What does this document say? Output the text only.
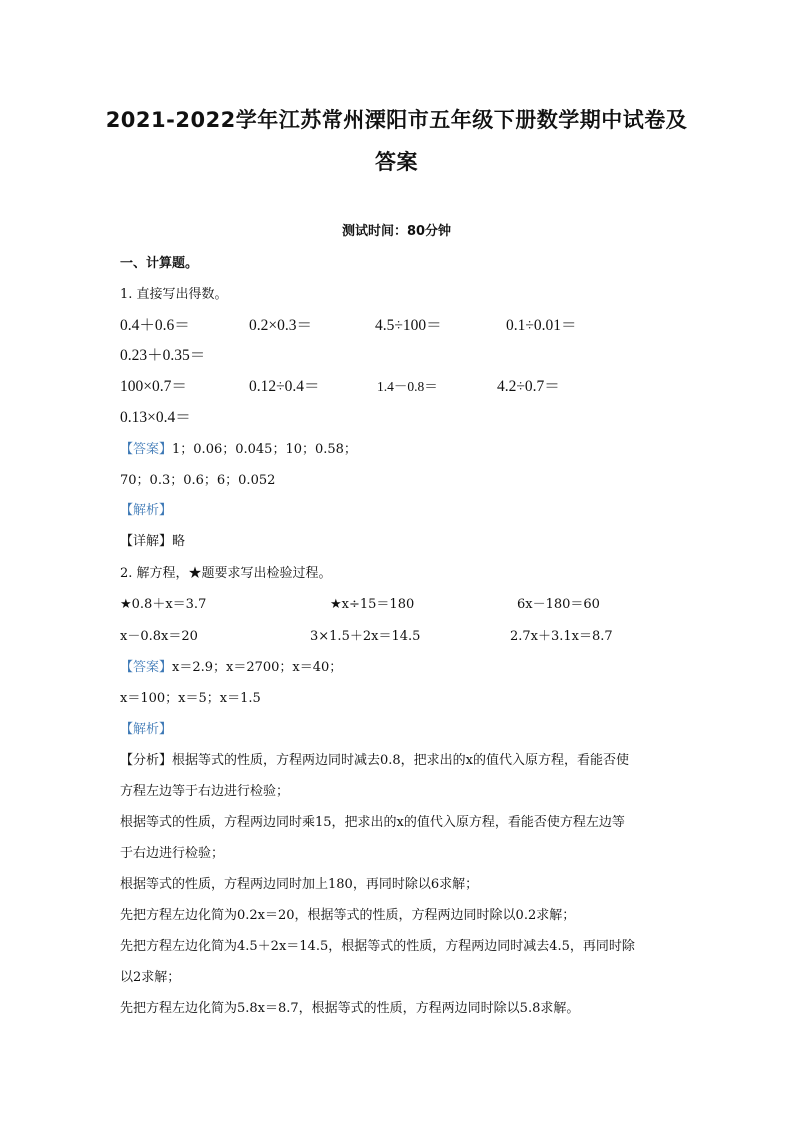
2021-2022学年江苏常州溧阳市五年级下册数学期中试卷及
答案
测试时间：80分钟
一、计算题。
1. 直接写出得数。
0.4＋0.6＝	0.2×0.3＝	4.5÷100＝	0.1÷0.01＝
0.23＋0.35＝
100×0.7＝	0.12÷0.4＝	1.4－0.8＝	4.2÷0.7＝
0.13×0.4＝
【答案】1；0.06；0.045；10；0.58；
70；0.3；0.6；6；0.052
【解析】
【详解】略
2. 解方程，★题要求写出检验过程。
★0.8＋x＝3.7	★x÷15＝180	6x－180＝60
x－0.8x＝20	3×1.5＋2x＝14.5	2.7x＋3.1x＝8.7
【答案】x＝2.9；x＝2700；x＝40；
x＝100；x＝5；x＝1.5
【解析】
【分析】根据等式的性质，方程两边同时减去0.8，把求出的x的值代入原方程，看能否使
方程左边等于右边进行检验；
根据等式的性质，方程两边同时乘15，把求出的x的值代入原方程，看能否使方程左边等
于右边进行检验；
根据等式的性质，方程两边同时加上180，再同时除以6求解；
先把方程左边化简为0.2x＝20，根据等式的性质，方程两边同时除以0.2求解；
先把方程左边化简为4.5＋2x＝14.5，根据等式的性质，方程两边同时减去4.5，再同时除
以2求解；
先把方程左边化简为5.8x＝8.7，根据等式的性质，方程两边同时除以5.8求解。
